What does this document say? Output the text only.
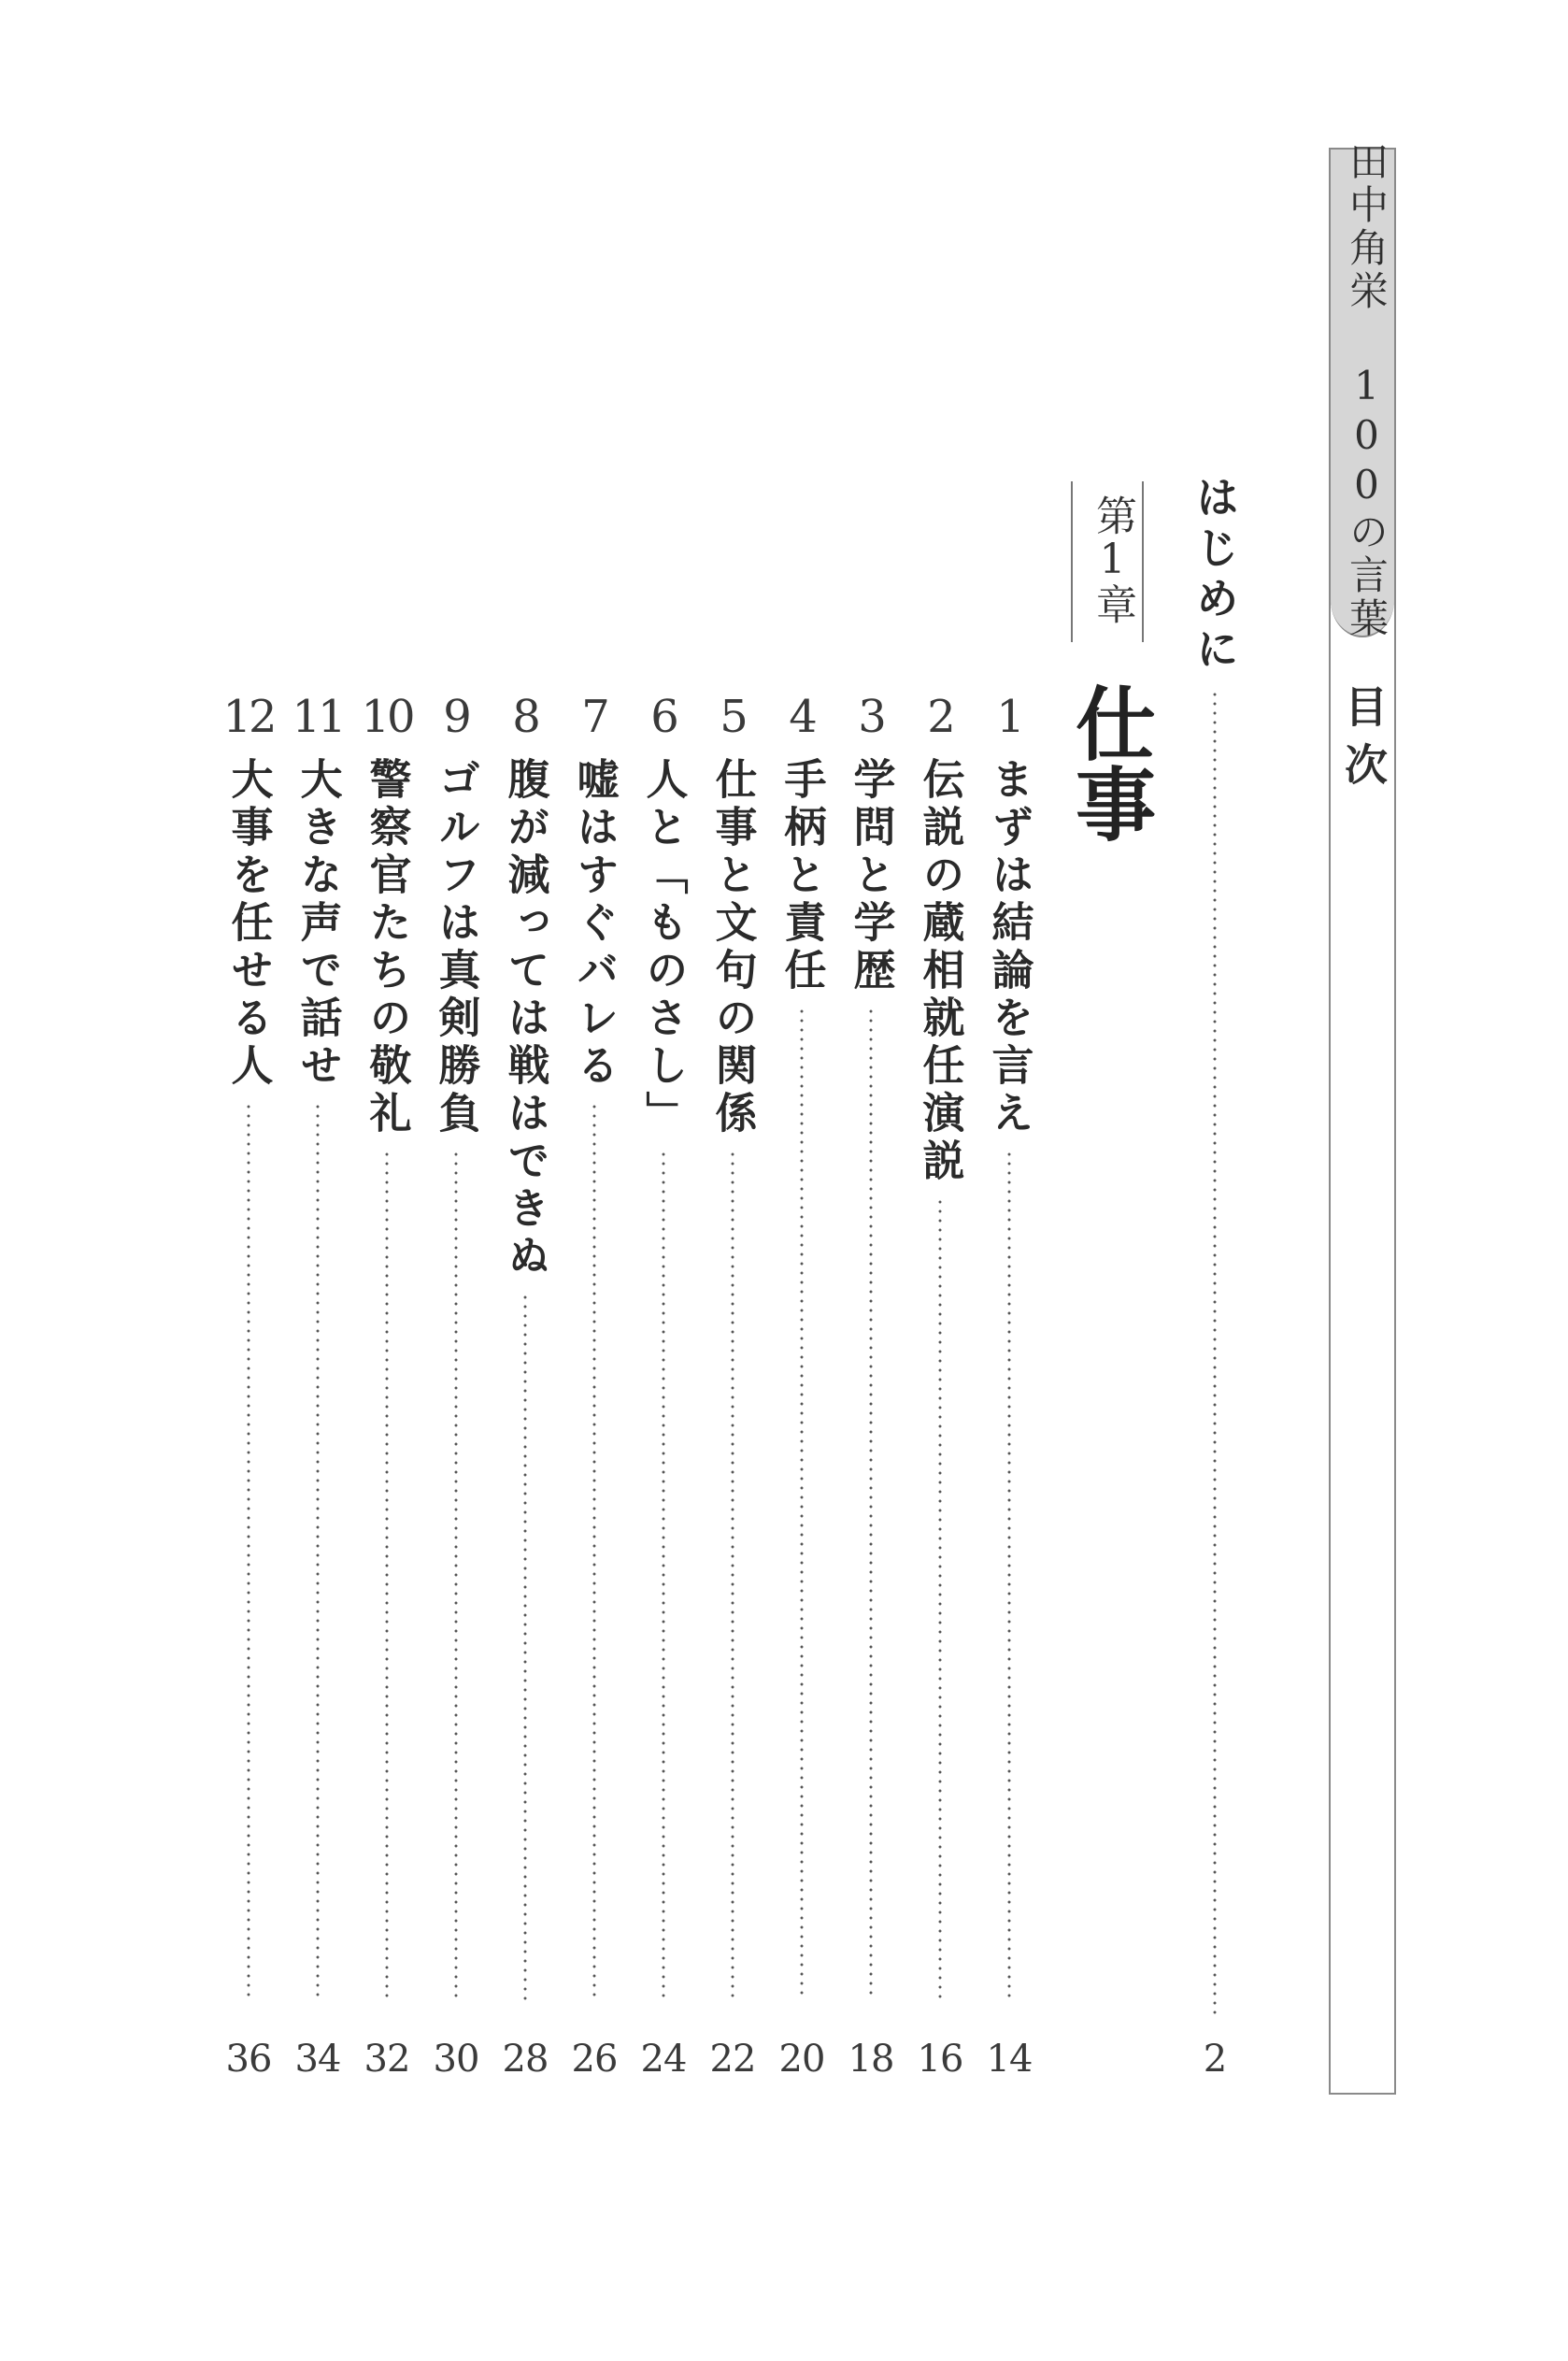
田中角栄 100の言葉
目次
はじめに
2
第1章
仕事
1
まずは結論を言え
14
2
伝説の蔵相就任演説
16
3
学問と学歴
18
4
手柄と責任
20
5
仕事と文句の関係
22
6
人と「ものさし」
24
7
嘘はすぐバレる
26
8
腹が減っては戦はできぬ
28
9
ゴルフは真剣勝負
30
10
警察官たちの敬礼
32
11
大きな声で話せ
34
12
大事を任せる人
36
